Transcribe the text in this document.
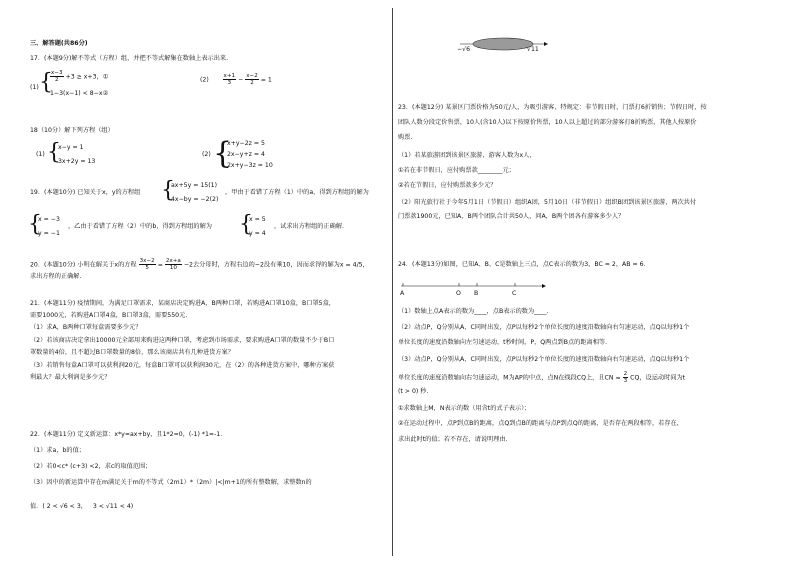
三、解答题(共86分)
17．(本题9分)解不等式（方程）组，并把不等式解集在数轴上表示出来.
(1) {
$\frac{x-3}{2} +3 \ge x+3$，①
1−3(x−1) < 8−x②
$(2) \frac{x+1}{3} - \frac{x-2}{2} = 1$
18（10分）解下列方程（组）
(1) {
x−y = 1
3x+2y = 13
(2) {
x+y−2z = 5
2x−y+z = 4
2x+y−3z = 10
19．(本题10分) 已知关于x，y的方程组 {
ax+5y = 15(1)
4x−by = −2(2)
，甲由于看错了方程（1）中的a，得到方程组的解为
{
x = −3
y = −1
，乙由于看错了方程（2）中的b，得到方程组的解为 {
x = 5
y = 4
，试求出方程组的正确解.
20．(本题10分) 小明在解关于x的方程 $\frac{3x-2}{5} = \frac{2x+a}{10} -2$去分母时，方程右边的−2没有乘10，因而求得的解为x = 4/5，
求出方程的正确解.
21．(本题11分) 疫情期间，为满足口罩需求，某商店决定购进A，B两种口罩，若购进A口罩10盒，B口罩5盒，
需要1000元，若购进A口罩4盒，B口罩3盒，需要550元.
（1）求A，B两种口罩每盒需要多少元？
（2）若该商店决定拿出10000元全部用来购进这两种口罩，考虑到市场需求，要求购进A口罩的数量不少于B口
罩数量的4倍，且不超过B口罩数量的8倍，那么该商店共有几种进货方案？
（3）若销售每盒A口罩可以获利润20元，每盒B口罩可以获利润30元，在（2）的各种进货方案中，哪种方案获
利最大？最大利润是多少元？
22．(本题11分) 定义新运算：x*y=ax+by，且1*2=0，(-1) *1=-1.
（1）求a，b的值；
（2）若0<c* (c+3) <2，求c的取值范围；
（3）因中的新运算中存在m满足关于m的不等式（2m1）*（2m）|<|m+1的所有整数解，求整数n的
值．( 2 < √6 < 3， 3 < √11 < 4)
−√6	√11
23．(本题12分) 某景区门票价格为50元/人，为吸引游客，特规定：非节假日时，门票打6折销售；节假日时，按
团队人数分段定价售票，10人(含10人)以下按原价售票，10人以上超过的部分游客打8折购票，其他人按原价
购票.
（1）若某旅游团到该景区旅游，游客人数为x人，
①若在非节假日，应付购票款________元；
②若在节假日，应付购票款多少元？
（2）阳光旅行社于今年5月1日（节假日）组织A团，5月10日（非节假日）组织B团到该景区旅游，两次共付
门票款1900元，已知A，B两个团队合计共50人，问A，B两个团各有游客多少人？
24．(本题13分)如图，已知A、B、C是数轴上三点，点C表示的数为3，BC = 2，AB = 6．
A	O B	C
（1）数轴上点A表示的数为____，点B表示的数为____.
（2）动点P，Q分别从A，C同时出发，点P以每秒2个单位长度的速度沿数轴向右匀速运动，点Q以每秒1个
单位长度的速度沿数轴向左匀速运动，t秒时间，P，Q两点到B点的距离相等.
（3）动点P，Q分别从A，C同时出发，点P以每秒2个单位长度的速度沿数轴向右匀速运动，点Q以每秒1个
单位长度的速度沿数轴向右匀速运动，M为AP的中点，点N在线段CQ上，且CN = $\frac{2}{3}$ CQ，设运动时间为t
(t > 0) 秒.
①求数轴上M，N表示的数（用含t的式子表示）；
②在运动过程中，点P到点B的距离，点Q到点B的距离与点P到点Q的距离，是否存在两段相等，若存在，
求出此时t的值；若不存在，请说明理由.
